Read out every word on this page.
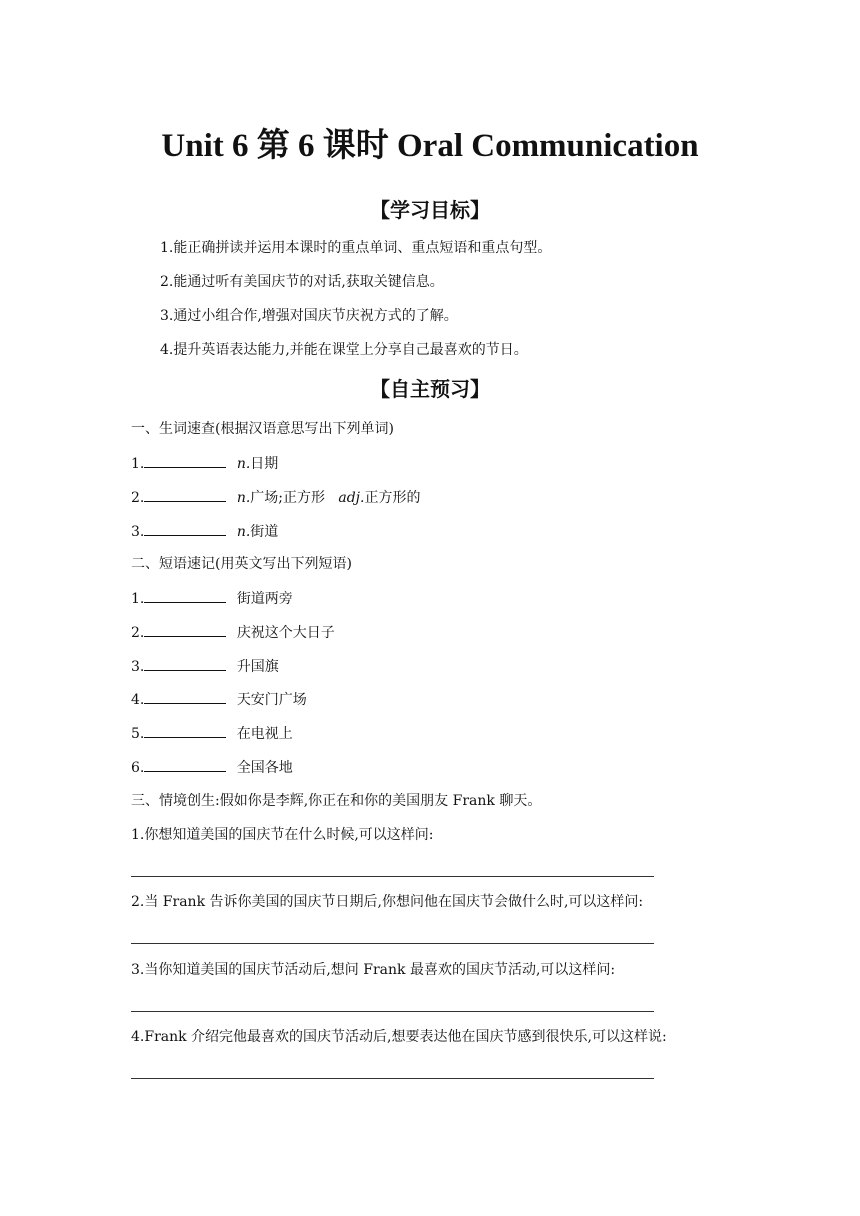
Unit 6 第 6 课时 Oral Communication
【学习目标】
1.能正确拼读并运用本课时的重点单词、重点短语和重点句型。
2.能通过听有美国庆节的对话,获取关键信息。
3.通过小组合作,增强对国庆节庆祝方式的了解。
4.提升英语表达能力,并能在课堂上分享自己最喜欢的节日。
【自主预习】
一、生词速查(根据汉语意思写出下列单词)
1.	n.日期
2.	n.广场;正方形 adj.正方形的
3.	n.街道
二、短语速记(用英文写出下列短语)
1.	街道两旁
2.	庆祝这个大日子
3.	升国旗
4.	天安门广场
5.	在电视上
6.	全国各地
三、情境创生:假如你是李辉,你正在和你的美国朋友 Frank 聊天。
1.你想知道美国的国庆节在什么时候,可以这样问:
2.当 Frank 告诉你美国的国庆节日期后,你想问他在国庆节会做什么时,可以这样问:
3.当你知道美国的国庆节活动后,想问 Frank 最喜欢的国庆节活动,可以这样问:
4.Frank 介绍完他最喜欢的国庆节活动后,想要表达他在国庆节感到很快乐,可以这样说:
